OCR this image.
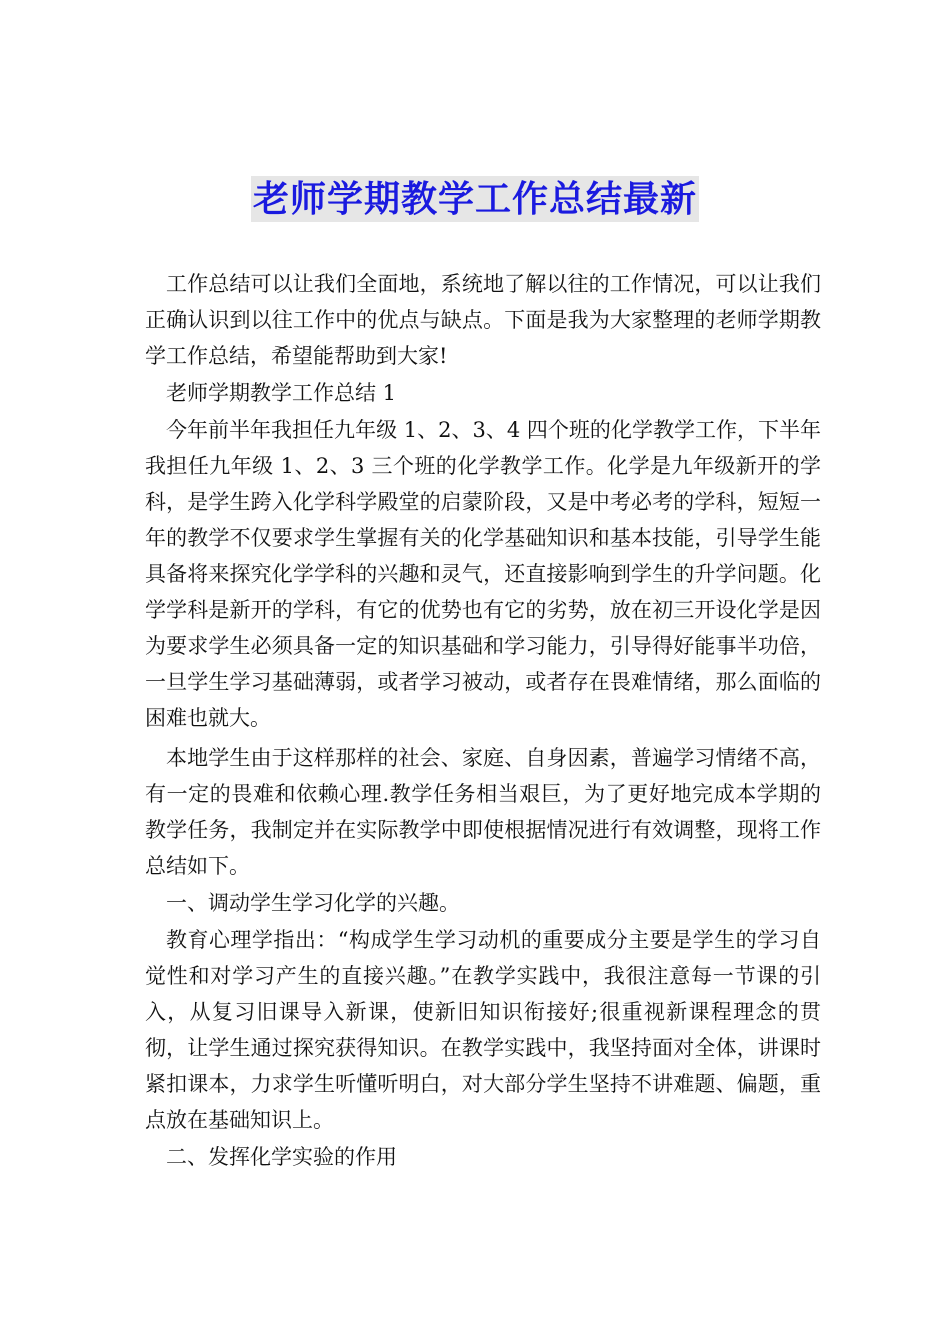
老师学期教学工作总结最新

工作总结可以让我们全面地，系统地了解以往的工作情况，可以让我们正确认识到以往工作中的优点与缺点。下面是我为大家整理的老师学期教学工作总结，希望能帮助到大家!

老师学期教学工作总结 1

今年前半年我担任九年级 1、2、3、4 四个班的化学教学工作，下半年我担任九年级 1、2、3 三个班的化学教学工作。化学是九年级新开的学科，是学生跨入化学科学殿堂的启蒙阶段，又是中考必考的学科，短短一年的教学不仅要求学生掌握有关的化学基础知识和基本技能，引导学生能具备将来探究化学学科的兴趣和灵气，还直接影响到学生的升学问题。化学学科是新开的学科，有它的优势也有它的劣势，放在初三开设化学是因为要求学生必须具备一定的知识基础和学习能力，引导得好能事半功倍，一旦学生学习基础薄弱，或者学习被动，或者存在畏难情绪，那么面临的困难也就大。

本地学生由于这样那样的社会、家庭、自身因素，普遍学习情绪不高，有一定的畏难和依赖心理.教学任务相当艰巨，为了更好地完成本学期的教学任务，我制定并在实际教学中即使根据情况进行有效调整，现将工作总结如下。

一、调动学生学习化学的兴趣。

教育心理学指出：“构成学生学习动机的重要成分主要是学生的学习自觉性和对学习产生的直接兴趣。”在教学实践中，我很注意每一节课的引入，从复习旧课导入新课，使新旧知识衔接好;很重视新课程理念的贯彻，让学生通过探究获得知识。在教学实践中，我坚持面对全体，讲课时紧扣课本，力求学生听懂听明白，对大部分学生坚持不讲难题、偏题，重点放在基础知识上。

二、发挥化学实验的作用
